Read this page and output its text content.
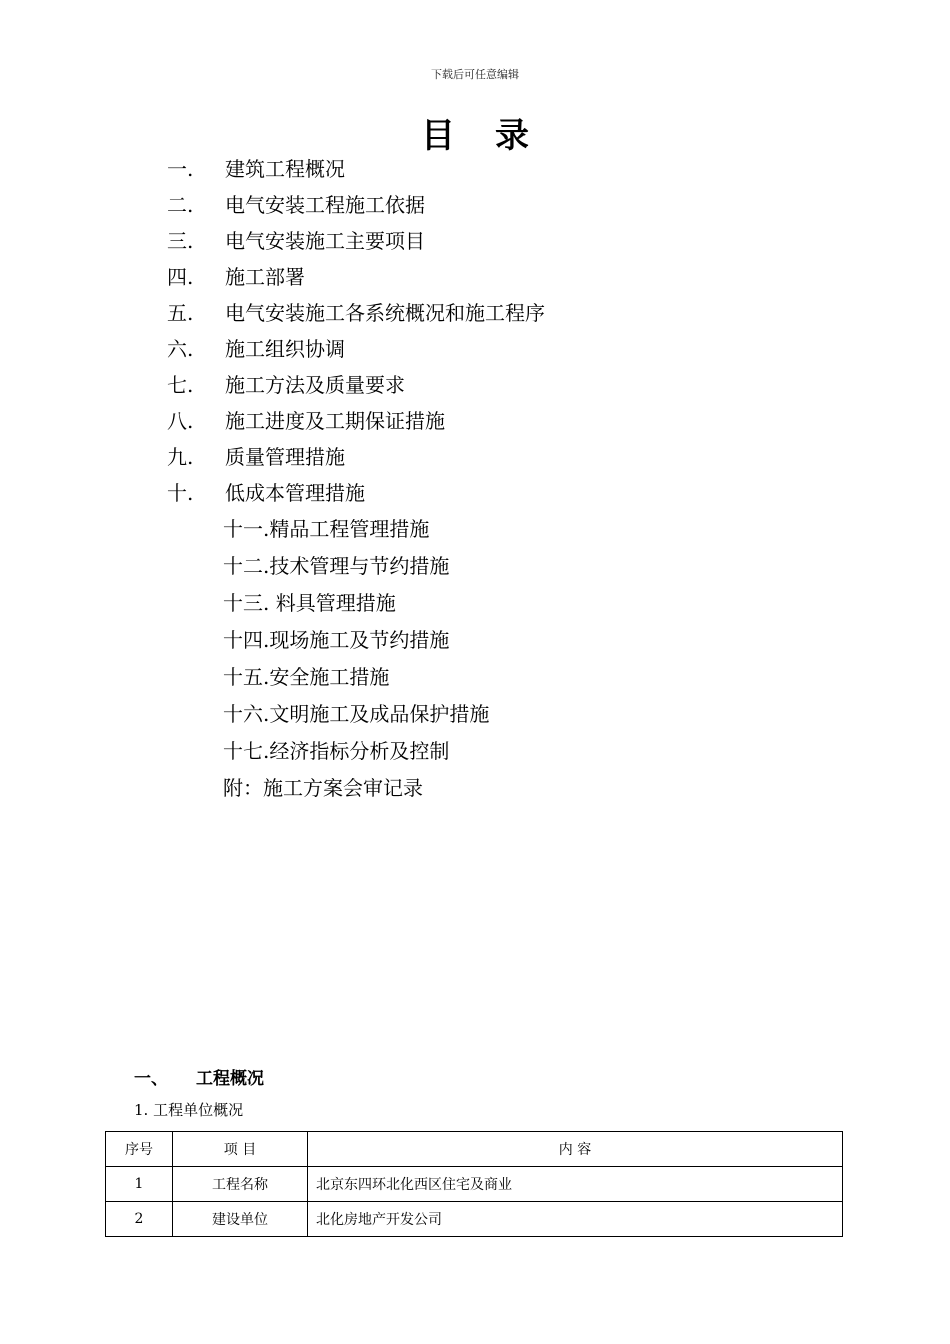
下载后可任意编辑
目录
一. 建筑工程概况
二. 电气安装工程施工依据
三. 电气安装施工主要项目
四. 施工部署
五. 电气安装施工各系统概况和施工程序
六. 施工组织协调
七. 施工方法及质量要求
八. 施工进度及工期保证措施
九. 质量管理措施
十. 低成本管理措施
十一.精品工程管理措施
十二.技术管理与节约措施
十三. 料具管理措施
十四.现场施工及节约措施
十五.安全施工措施
十六.文明施工及成品保护措施
十七.经济指标分析及控制
附：施工方案会审记录
一、 工程概况
1. 工程单位概况
序号	项 目	内 容
1	工程名称	北京东四环北化西区住宅及商业
2	建设单位	北化房地产开发公司
